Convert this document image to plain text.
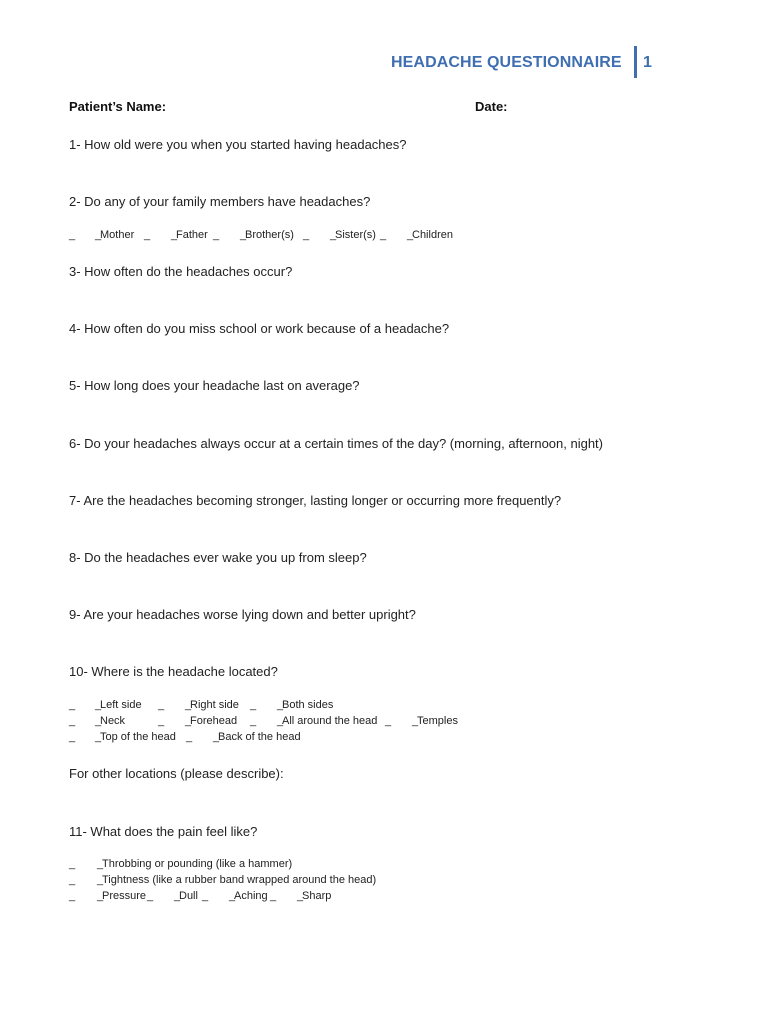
HEADACHE QUESTIONNAIRE 1
Patient’s Name:	Date:
1- How old were you when you started having headaches?
2- Do any of your family members have headaches?
_ _
Mother _ _
Father _ _
Brother(s) _ _
Sister(s) _ _
Children
3- How often do the headaches occur?
4- How often do you miss school or work because of a headache?
5- How long does your headache last on average?
6- Do your headaches always occur at a certain times of the day? (morning, afternoon, night)
7- Are the headaches becoming stronger, lasting longer or occurring more frequently?
8- Do the headaches ever wake you up from sleep?
9- Are your headaches worse lying down and better upright?
10- Where is the headache located?
_ _
Left side _ _
Right side _ _
Both sides
_ _
Neck	_ _
Forehead _ _
All around the head _ _
Temples
_ _
Top of the head _ _
Back of the head
For other locations (please describe):
11- What does the pain feel like?
_ _
Throbbing or pounding (like a hammer)
_ _
Tightness (like a rubber band wrapped around the head)
_ _
Pressure _ _
Dull _ _
Aching _ _
Sharp
